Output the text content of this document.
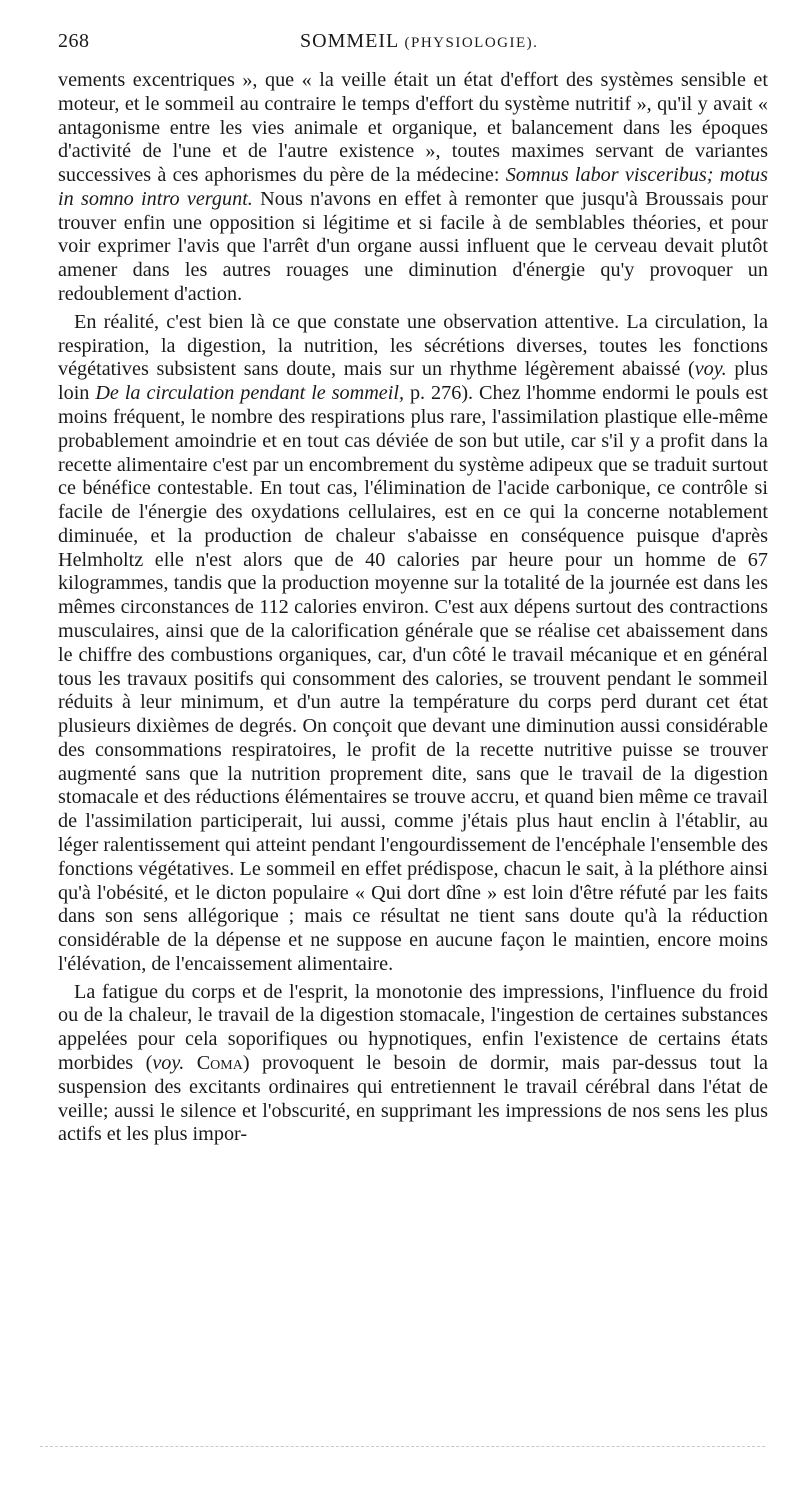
268	SOMMEIL (PHYSIOLOGIE).

vements excentriques », que « la veille était un état d'effort des systèmes sensible et moteur, et le sommeil au contraire le temps d'effort du système nutritif », qu'il y avait « antagonisme entre les vies animale et organique, et balancement dans les époques d'activité de l'une et de l'autre existence », toutes maximes servant de variantes successives à ces aphorismes du père de la médecine: Somnus labor visceribus; motus in somno intro vergunt. Nous n'avons en effet à remonter que jusqu'à Broussais pour trouver enfin une opposition si légitime et si facile à de semblables théories, et pour voir exprimer l'avis que l'arrêt d'un organe aussi influent que le cerveau devait plutôt amener dans les autres rouages une diminution d'énergie qu'y provoquer un redoublement d'action.

En réalité, c'est bien là ce que constate une observation attentive. La circulation, la respiration, la digestion, la nutrition, les sécrétions diverses, toutes les fonctions végétatives subsistent sans doute, mais sur un rhythme légèrement abaissé (voy. plus loin De la circulation pendant le sommeil, p. 276). Chez l'homme endormi le pouls est moins fréquent, le nombre des respirations plus rare, l'assimilation plastique elle-même probablement amoindrie et en tout cas déviée de son but utile, car s'il y a profit dans la recette alimentaire c'est par un encombrement du système adipeux que se traduit surtout ce bénéfice contestable. En tout cas, l'élimination de l'acide carbonique, ce contrôle si facile de l'énergie des oxydations cellulaires, est en ce qui la concerne notablement diminuée, et la production de chaleur s'abaisse en conséquence puisque d'après Helmholtz elle n'est alors que de 40 calories par heure pour un homme de 67 kilogrammes, tandis que la production moyenne sur la totalité de la journée est dans les mêmes circonstances de 112 calories environ. C'est aux dépens surtout des contractions musculaires, ainsi que de la calorification générale que se réalise cet abaissement dans le chiffre des combustions organiques, car, d'un côté le travail mécanique et en général tous les travaux positifs qui consomment des calories, se trouvent pendant le sommeil réduits à leur minimum, et d'un autre la température du corps perd durant cet état plusieurs dixièmes de degrés. On conçoit que devant une diminution aussi considérable des consommations respiratoires, le profit de la recette nutritive puisse se trouver augmenté sans que la nutrition proprement dite, sans que le travail de la digestion stomacale et des réductions élémentaires se trouve accru, et quand bien même ce travail de l'assimilation participerait, lui aussi, comme j'étais plus haut enclin à l'établir, au léger ralentissement qui atteint pendant l'engourdissement de l'encéphale l'ensemble des fonctions végétatives. Le sommeil en effet prédispose, chacun le sait, à la pléthore ainsi qu'à l'obésité, et le dicton populaire « Qui dort dîne » est loin d'être réfuté par les faits dans son sens allégorique ; mais ce résultat ne tient sans doute qu'à la réduction considérable de la dépense et ne suppose en aucune façon le maintien, encore moins l'élévation, de l'encaissement alimentaire.

La fatigue du corps et de l'esprit, la monotonie des impressions, l'influence du froid ou de la chaleur, le travail de la digestion stomacale, l'ingestion de certaines substances appelées pour cela soporifiques ou hypnotiques, enfin l'existence de certains états morbides (voy. Coma) provoquent le besoin de dormir, mais par-dessus tout la suspension des excitants ordinaires qui entretiennent le travail cérébral dans l'état de veille; aussi le silence et l'obscurité, en supprimant les impressions de nos sens les plus actifs et les plus impor-
